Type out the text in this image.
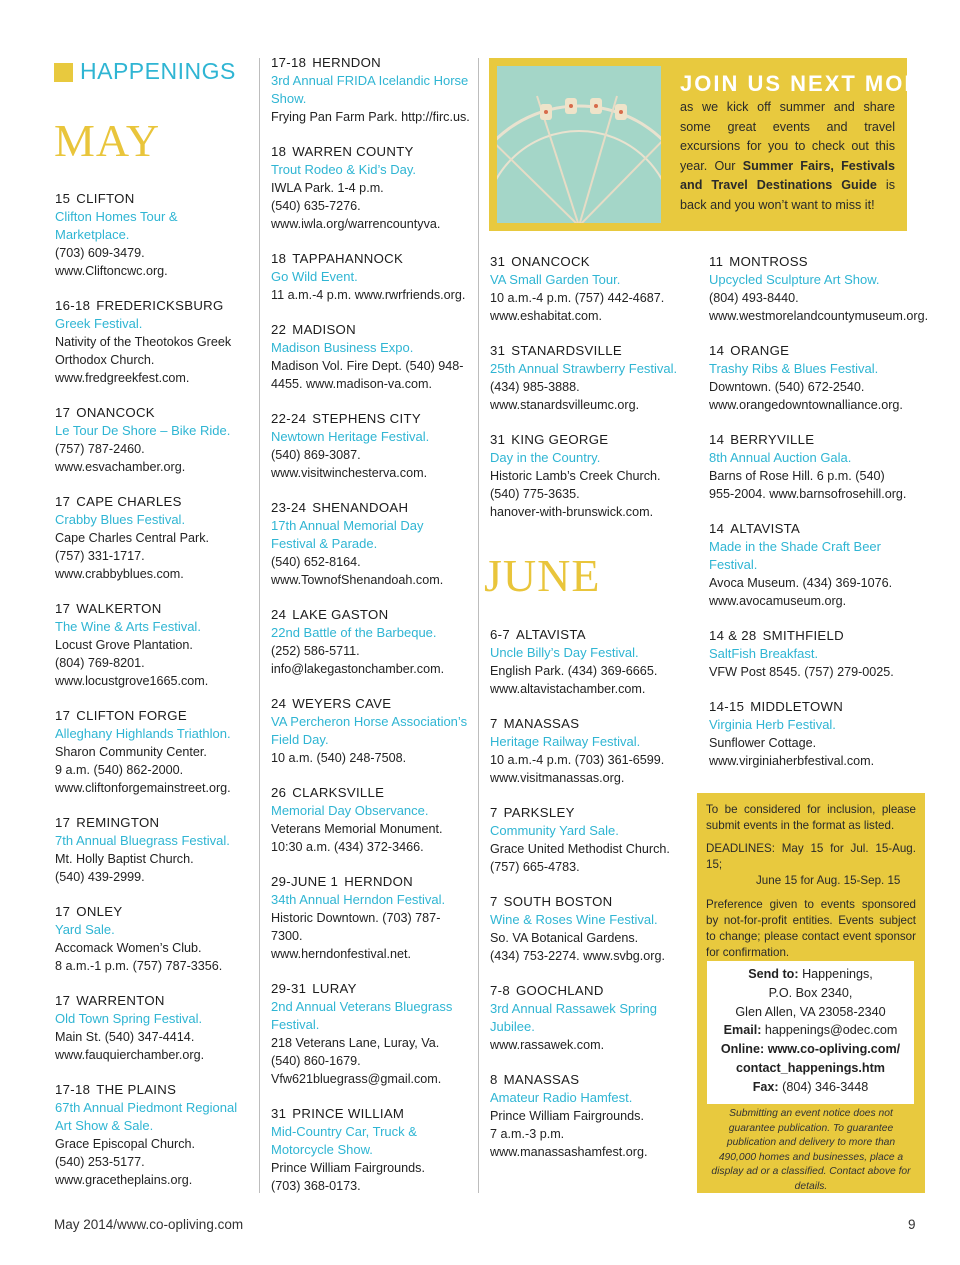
HAPPENINGS
MAY
15 CLIFTON
Clifton Homes Tour & Marketplace.
(703) 609-3479.
www.Cliftoncwc.org.
16-18 FREDERICKSBURG
Greek Festival.
Nativity of the Theotokos Greek
Orthodox Church.
www.fredgreekfest.com.
17 ONANCOCK
Le Tour De Shore – Bike Ride.
(757) 787-2460.
www.esvachamber.org.
17 CAPE CHARLES
Crabby Blues Festival.
Cape Charles Central Park.
(757) 331-1717.
www.crabbyblues.com.
17 WALKERTON
The Wine & Arts Festival.
Locust Grove Plantation.
(804) 769-8201.
www.locustgrove1665.com.
17 CLIFTON FORGE
Alleghany Highlands Triathlon.
Sharon Community Center.
9 a.m. (540) 862-2000.
www.cliftonforgemainstreet.org.
17 REMINGTON
7th Annual Bluegrass Festival.
Mt. Holly Baptist Church.
(540) 439-2999.
17 ONLEY
Yard Sale.
Accomack Women’s Club.
8 a.m.-1 p.m. (757) 787-3356.
17 WARRENTON
Old Town Spring Festival.
Main St. (540) 347-4414.
www.fauquierchamber.org.
17-18 THE PLAINS
67th Annual Piedmont Regional Art Show & Sale.
Grace Episcopal Church.
(540) 253-5177.
www.gracetheplains.org.
17-18 HERNDON
3rd Annual FRIDA Icelandic Horse Show.
Frying Pan Farm Park. http://firc.us.
18 WARREN COUNTY
Trout Rodeo & Kid’s Day.
IWLA Park. 1-4 p.m.
(540) 635-7276.
www.iwla.org/warrencountyva.
18 TAPPAHANNOCK
Go Wild Event.
11 a.m.-4 p.m. www.rwrfriends.org.
22 MADISON
Madison Business Expo.
Madison Vol. Fire Dept. (540) 948-
4455. www.madison-va.com.
22-24 STEPHENS CITY
Newtown Heritage Festival.
(540) 869-3087.
www.visitwinchesterva.com.
23-24 SHENANDOAH
17th Annual Memorial Day Festival & Parade.
(540) 652-8164.
www.TownofShenandoah.com.
24 LAKE GASTON
22nd Battle of the Barbeque.
(252) 586-5711.
info@lakegastonchamber.com.
24 WEYERS CAVE
VA Percheron Horse Association’s Field Day.
10 a.m. (540) 248-7508.
26 CLARKSVILLE
Memorial Day Observance.
Veterans Memorial Monument.
10:30 a.m. (434) 372-3466.
29-JUNE 1 HERNDON
34th Annual Herndon Festival.
Historic Downtown. (703) 787-7300.
www.herndonfestival.net.
29-31 LURAY
2nd Annual Veterans Bluegrass Festival.
218 Veterans Lane, Luray, Va.
(540) 860-1679.
Vfw621bluegrass@gmail.com.
31 PRINCE WILLIAM
Mid-Country Car, Truck & Motorcycle Show.
Prince William Fairgrounds.
(703) 368-0173.
JOIN US NEXT MONTH
as we kick off summer and share some great events and travel excursions for you to check out this year. Our Summer Fairs, Festivals and Travel Destinations Guide is back and you won’t want to miss it!
31 ONANCOCK
VA Small Garden Tour.
10 a.m.-4 p.m. (757) 442-4687.
www.eshabitat.com.
31 STANARDSVILLE
25th Annual Strawberry Festival.
(434) 985-3888.
www.stanardsvilleumc.org.
31 KING GEORGE
Day in the Country.
Historic Lamb’s Creek Church.
(540) 775-3635.
hanover-with-brunswick.com.
JUNE
6-7 ALTAVISTA
Uncle Billy’s Day Festival.
English Park. (434) 369-6665.
www.altavistachamber.com.
7 MANASSAS
Heritage Railway Festival.
10 a.m.-4 p.m. (703) 361-6599.
www.visitmanassas.org.
7 PARKSLEY
Community Yard Sale.
Grace United Methodist Church.
(757) 665-4783.
7 SOUTH BOSTON
Wine & Roses Wine Festival.
So. VA Botanical Gardens.
(434) 753-2274. www.svbg.org.
7-8 GOOCHLAND
3rd Annual Rassawek Spring Jubilee.
www.rassawek.com.
8 MANASSAS
Amateur Radio Hamfest.
Prince William Fairgrounds.
7 a.m.-3 p.m.
www.manassashamfest.org.
11 MONTROSS
Upcycled Sculpture Art Show.
(804) 493-8440.
www.westmorelandcountymuseum.org.
14 ORANGE
Trashy Ribs & Blues Festival.
Downtown. (540) 672-2540.
www.orangedowntownalliance.org.
14 BERRYVILLE
8th Annual Auction Gala.
Barns of Rose Hill. 6 p.m. (540)
955-2004. www.barnsofrosehill.org.
14 ALTAVISTA
Made in the Shade Craft Beer Festival.
Avoca Museum. (434) 369-1076.
www.avocamuseum.org.
14 & 28 SMITHFIELD
SaltFish Breakfast.
VFW Post 8545. (757) 279-0025.
14-15 MIDDLETOWN
Virginia Herb Festival.
Sunflower Cottage.
www.virginiaherbfestival.com.
To be considered for inclusion, please submit events in the format as listed.
DEADLINES: May 15 for Jul. 15-Aug. 15;
June 15 for Aug. 15-Sep. 15
Preference given to events sponsored by not-for-profit entities. Events subject to change; please contact event sponsor for confirmation.
Send to: Happenings,
P.O. Box 2340,
Glen Allen, VA 23058-2340
Email: happenings@odec.com
Online: www.co-opliving.com/
contact_happenings.htm
Fax: (804) 346-3448
Submitting an event notice does not guarantee publication. To guarantee publication and delivery to more than 490,000 homes and businesses, place a display ad or a classified. Contact above for details.
May 2014/www.co-opliving.com	9
